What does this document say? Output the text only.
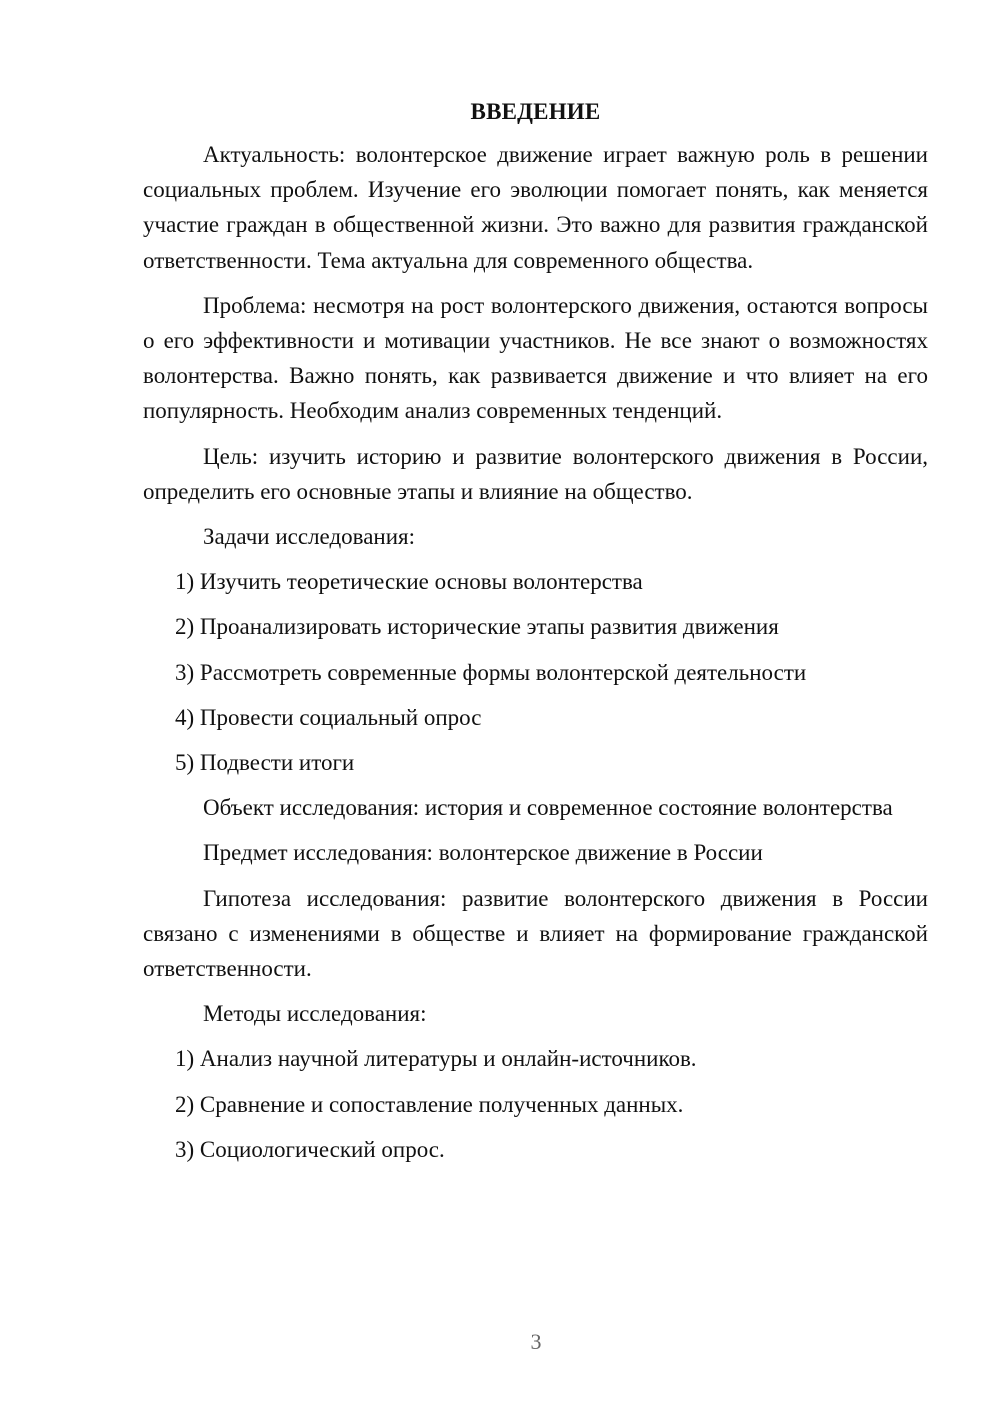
ВВЕДЕНИЕ
Актуальность: волонтерское движение играет важную роль в решении социальных проблем. Изучение его эволюции помогает понять, как меняется участие граждан в общественной жизни. Это важно для развития гражданской ответственности. Тема актуальна для современного общества.
Проблема: несмотря на рост волонтерского движения, остаются вопросы о его эффективности и мотивации участников. Не все знают о возможностях волонтерства. Важно понять, как развивается движение и что влияет на его популярность. Необходим анализ современных тенденций.
Цель: изучить историю и развитие волонтерского движения в России, определить его основные этапы и влияние на общество.
Задачи исследования:
1) Изучить теоретические основы волонтерства
2) Проанализировать исторические этапы развития движения
3) Рассмотреть современные формы волонтерской деятельности
4) Провести социальный опрос
5) Подвести итоги
Объект исследования: история и современное состояние волонтерства
Предмет исследования: волонтерское движение в России
Гипотеза исследования: развитие волонтерского движения в России связано с изменениями в обществе и влияет на формирование гражданской ответственности.
Методы исследования:
1) Анализ научной литературы и онлайн-источников.
2) Сравнение и сопоставление полученных данных.
3) Социологический опрос.
3
